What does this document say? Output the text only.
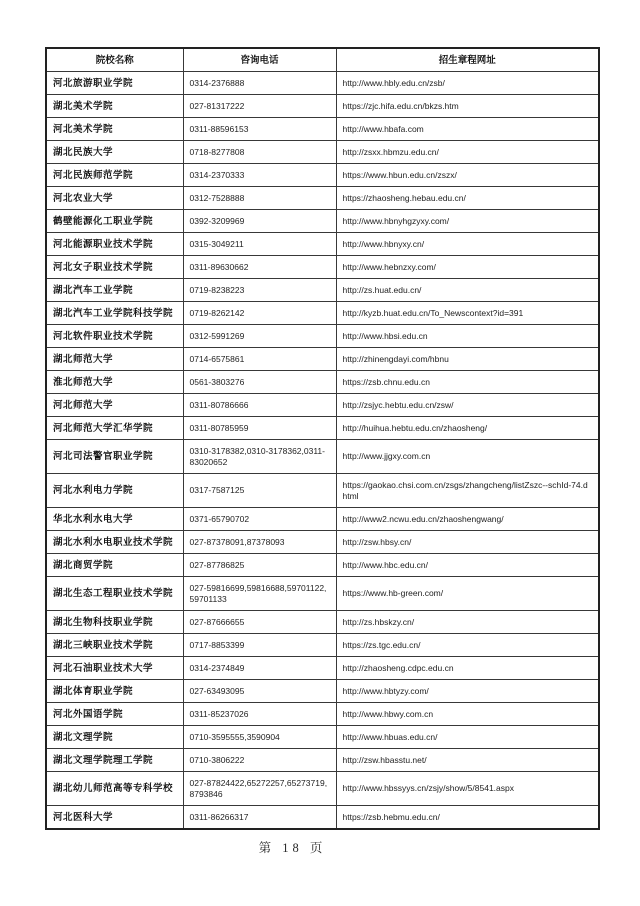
院校名称	咨询电话	招生章程网址
河北旅游职业学院	0314-2376888	http://www.hbly.edu.cn/zsb/
湖北美术学院	027-81317222	https://zjc.hifa.edu.cn/bkzs.htm
河北美术学院	0311-88596153	http://www.hbafa.com
湖北民族大学	0718-8277808	http://zsxx.hbmzu.edu.cn/
河北民族师范学院	0314-2370333	https://www.hbun.edu.cn/zszx/
河北农业大学	0312-7528888	https://zhaosheng.hebau.edu.cn/
鹤壁能源化工职业学院	0392-3209969	http://www.hbnyhgzyxy.com/
河北能源职业技术学院	0315-3049211	http://www.hbnyxy.cn/
河北女子职业技术学院	0311-89630662	http://www.hebnzxy.com/
湖北汽车工业学院	0719-8238223	http://zs.huat.edu.cn/
湖北汽车工业学院科技学院	0719-8262142	http://kyzb.huat.edu.cn/To_Newscontext?id=391
河北软件职业技术学院	0312-5991269	http://www.hbsi.edu.cn
湖北师范大学	0714-6575861	http://zhinengdayi.com/hbnu
淮北师范大学	0561-3803276	https://zsb.chnu.edu.cn
河北师范大学	0311-80786666	http://zsjyc.hebtu.edu.cn/zsw/
河北师范大学汇华学院	0311-80785959	http://huihua.hebtu.edu.cn/zhaosheng/
河北司法警官职业学院	0310-3178382,0310-3178362,0311-83020652	http://www.jjgxy.com.cn
河北水利电力学院	0317-7587125	https://gaokao.chsi.com.cn/zsgs/zhangcheng/listZszc--schId-74.dhtml
华北水利水电大学	0371-65790702	http://www2.ncwu.edu.cn/zhaoshengwang/
湖北水利水电职业技术学院	027-87378091,87378093	http://zsw.hbsy.cn/
湖北商贸学院	027-87786825	http://www.hbc.edu.cn/
湖北生态工程职业技术学院	027-59816699,59816688,59701122,59701133	https://www.hb-green.com/
湖北生物科技职业学院	027-87666655	http://zs.hbskzy.cn/
湖北三峡职业技术学院	0717-8853399	https://zs.tgc.edu.cn/
河北石油职业技术大学	0314-2374849	http://zhaosheng.cdpc.edu.cn
湖北体育职业学院	027-63493095	http://www.hbtyzy.com/
河北外国语学院	0311-85237026	http://www.hbwy.com.cn
湖北文理学院	0710-3595555,3590904	http://www.hbuas.edu.cn/
湖北文理学院理工学院	0710-3806222	http://zsw.hbasstu.net/
湖北幼儿师范高等专科学校	027-87824422,65272257,65273719,8793846	http://www.hbssyys.cn/zsjy/show/5/8541.aspx
河北医科大学	0311-86266317	https://zsb.hebmu.edu.cn/
第 18 页
